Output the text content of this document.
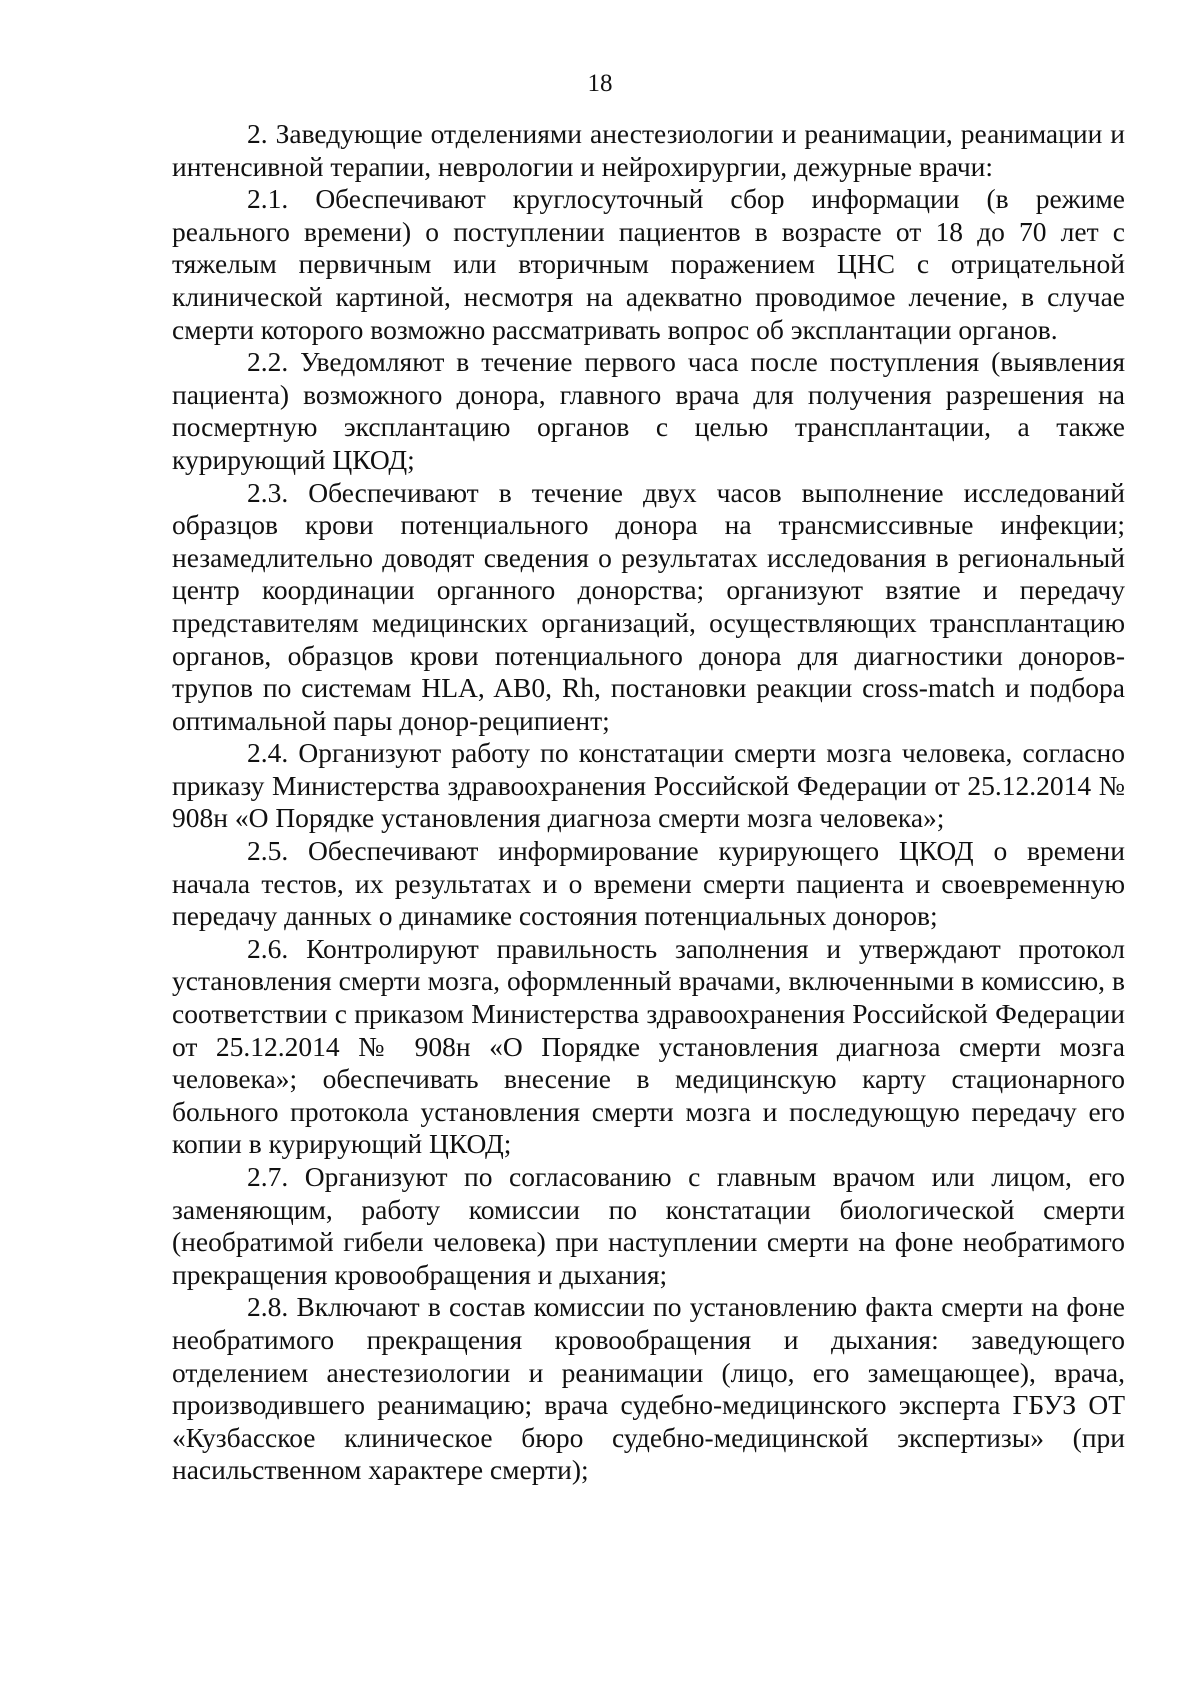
18

2. Заведующие отделениями анестезиологии и реанимации, реанимации и интенсивной терапии, неврологии и нейрохирургии, дежурные врачи:

2.1. Обеспечивают круглосуточный сбор информации (в режиме реального времени) о поступлении пациентов в возрасте от 18 до 70 лет с тяжелым первичным или вторичным поражением ЦНС с отрицательной клинической картиной, несмотря на адекватно проводимое лечение, в случае смерти которого возможно рассматривать вопрос об эксплантации органов.

2.2. Уведомляют в течение первого часа после поступления (выявления пациента) возможного донора, главного врача для получения разрешения на посмертную эксплантацию органов с целью трансплантации, а также курирующий ЦКОД;

2.3. Обеспечивают в течение двух часов выполнение исследований образцов крови потенциального донора на трансмиссивные инфекции; незамедлительно доводят сведения о результатах исследования в региональный центр координации органного донорства; организуют взятие и передачу представителям медицинских организаций, осуществляющих трансплантацию органов, образцов крови потенциального донора для диагностики доноров-трупов по системам HLA, AB0, Rh, постановки реакции cross-match и подбора оптимальной пары донор-реципиент;

2.4. Организуют работу по констатации смерти мозга человека, согласно приказу Министерства здравоохранения Российской Федерации от 25.12.2014 № 908н «О Порядке установления диагноза смерти мозга человека»;

2.5. Обеспечивают информирование курирующего ЦКОД о времени начала тестов, их результатах и о времени смерти пациента и своевременную передачу данных о динамике состояния потенциальных доноров;

2.6. Контролируют правильность заполнения и утверждают протокол установления смерти мозга, оформленный врачами, включенными в комиссию, в соответствии с приказом Министерства здравоохранения Российской Федерации от 25.12.2014 № 908н «О Порядке установления диагноза смерти мозга человека»; обеспечивать внесение в медицинскую карту стационарного больного протокола установления смерти мозга и последующую передачу его копии в курирующий ЦКОД;

2.7. Организуют по согласованию с главным врачом или лицом, его заменяющим, работу комиссии по констатации биологической смерти (необратимой гибели человека) при наступлении смерти на фоне необратимого прекращения кровообращения и дыхания;

2.8. Включают в состав комиссии по установлению факта смерти на фоне необратимого прекращения кровообращения и дыхания: заведующего отделением анестезиологии и реанимации (лицо, его замещающее), врача, производившего реанимацию; врача судебно-медицинского эксперта ГБУЗ ОТ «Кузбасское клиническое бюро судебно-медицинской экспертизы» (при насильственном характере смерти);
